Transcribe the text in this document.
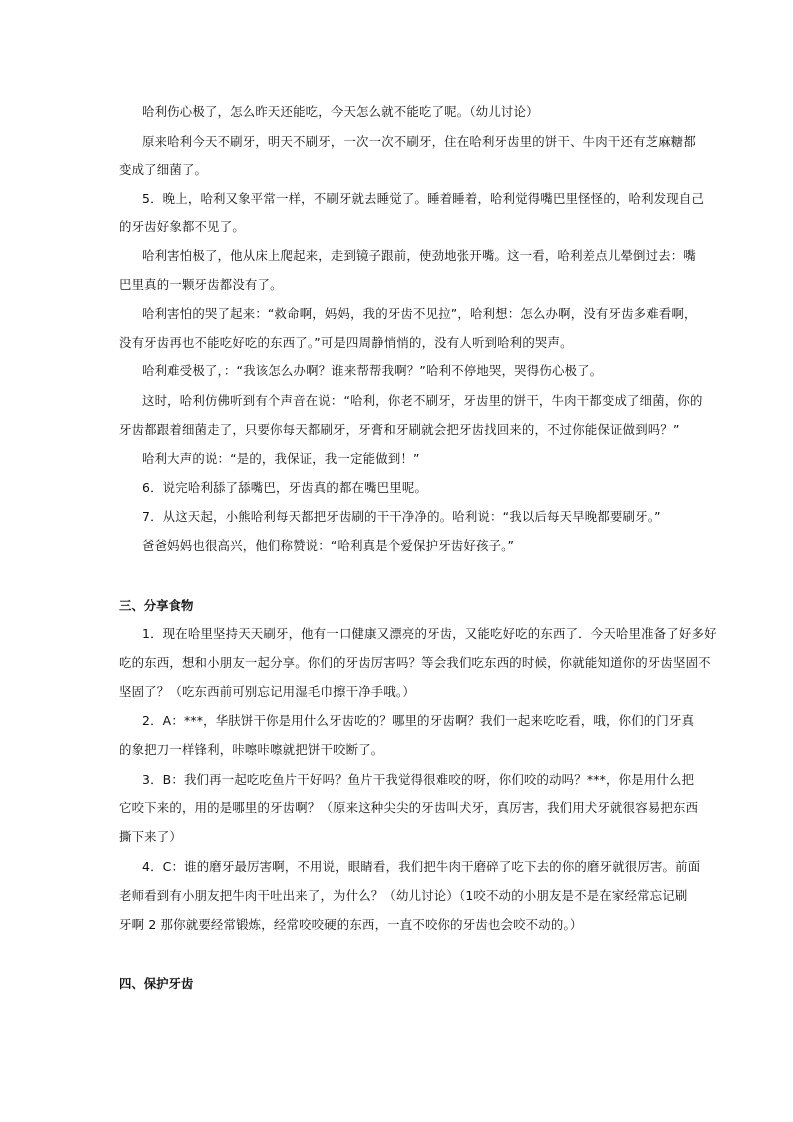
哈利伤心极了，怎么昨天还能吃，今天怎么就不能吃了呢。（幼儿讨论）
原来哈利今天不刷牙，明天不刷牙，一次一次不刷牙，住在哈利牙齿里的饼干、牛肉干还有芝麻糖都
变成了细菌了。
5．晚上，哈利又象平常一样，不刷牙就去睡觉了。睡着睡着，哈利觉得嘴巴里怪怪的，哈利发现自己
的牙齿好象都不见了。
哈利害怕极了，他从床上爬起来，走到镜子跟前，使劲地张开嘴。这一看，哈利差点儿晕倒过去：嘴
巴里真的一颗牙齿都没有了。
哈利害怕的哭了起来：“救命啊，妈妈，我的牙齿不见拉”，哈利想：怎么办啊，没有牙齿多难看啊，
没有牙齿再也不能吃好吃的东西了。”可是四周静悄悄的，没有人听到哈利的哭声。
哈利难受极了，：“我该怎么办啊？谁来帮帮我啊？”哈利不停地哭，哭得伤心极了。
这时，哈利仿佛听到有个声音在说：“哈利，你老不刷牙，牙齿里的饼干，牛肉干都变成了细菌，你的
牙齿都跟着细菌走了，只要你每天都刷牙，牙膏和牙刷就会把牙齿找回来的，不过你能保证做到吗？”
哈利大声的说：“是的，我保证，我一定能做到！”
6．说完哈利舔了舔嘴巴，牙齿真的都在嘴巴里呢。
7．从这天起，小熊哈利每天都把牙齿刷的干干净净的。哈利说：“我以后每天早晚都要刷牙。”
爸爸妈妈也很高兴，他们称赞说：“哈利真是个爱保护牙齿好孩子。”
三、分享食物
1．现在哈里坚持天天刷牙，他有一口健康又漂亮的牙齿，又能吃好吃的东西了．今天哈里准备了好多好
吃的东西，想和小朋友一起分享。你们的牙齿厉害吗？等会我们吃东西的时候，你就能知道你的牙齿坚固不
坚固了？（吃东西前可别忘记用湿毛巾擦干净手哦。）
2．A：***，华肤饼干你是用什么牙齿吃的？哪里的牙齿啊？我们一起来吃吃看，哦，你们的门牙真
的象把刀一样锋利，咔嚓咔嚓就把饼干咬断了。
3．B：我们再一起吃吃鱼片干好吗？鱼片干我觉得很难咬的呀，你们咬的动吗？***，你是用什么把
它咬下来的，用的是哪里的牙齿啊？（原来这种尖尖的牙齿叫犬牙，真厉害，我们用犬牙就很容易把东西
撕下来了）
4．C：谁的磨牙最厉害啊，不用说，眼睛看，我们把牛肉干磨碎了吃下去的你的磨牙就很厉害。前面
老师看到有小朋友把牛肉干吐出来了，为什么？（幼儿讨论）（1咬不动的小朋友是不是在家经常忘记刷
牙啊 2 那你就要经常锻炼，经常咬咬硬的东西，一直不咬你的牙齿也会咬不动的。）
四、保护牙齿
